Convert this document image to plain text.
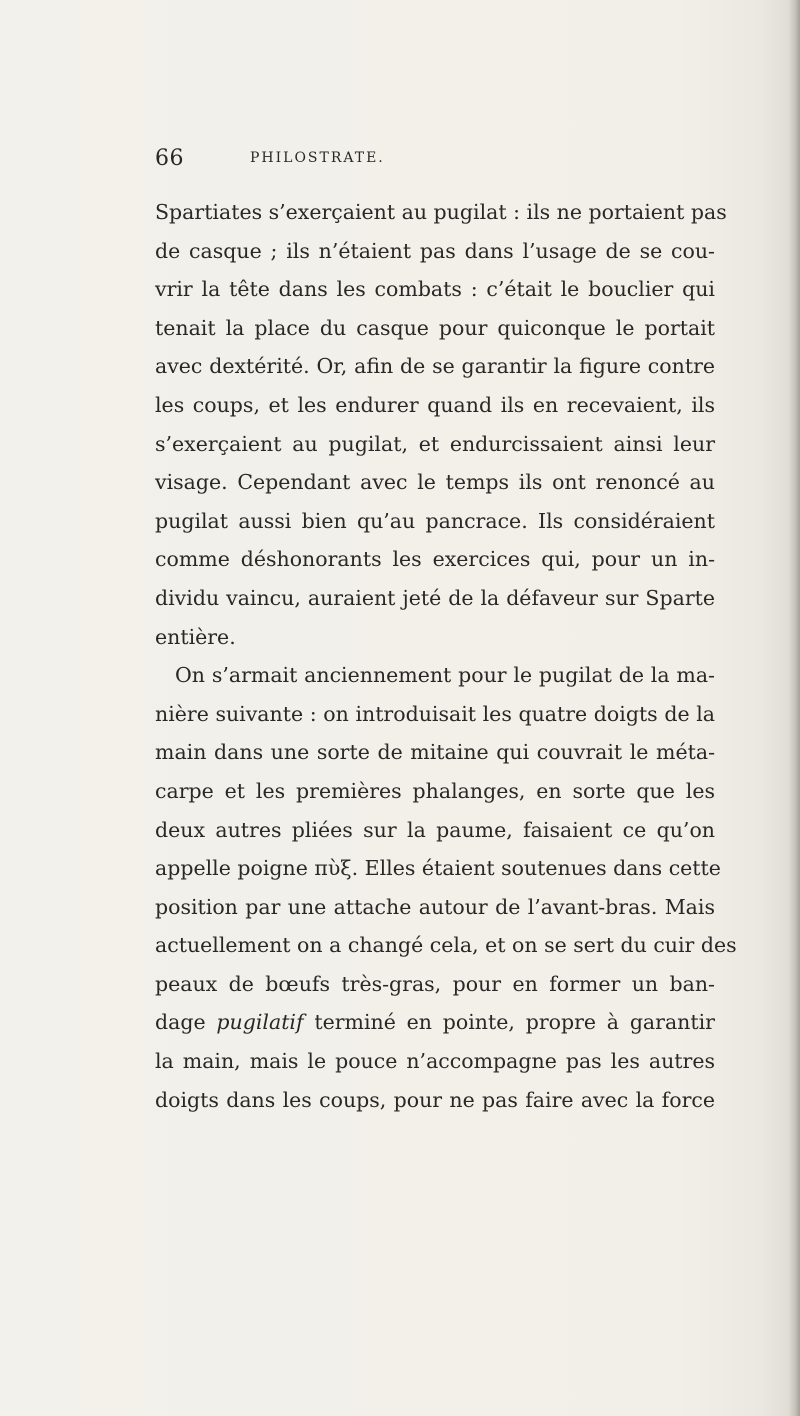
66	PHILOSTRATE.
Spartiates s’exerçaient au pugilat : ils ne portaient pas
de casque ; ils n’étaient pas dans l’usage de se cou-
vrir la tête dans les combats : c’était le bouclier qui
tenait la place du casque pour quiconque le portait
avec dextérité. Or, afin de se garantir la figure contre
les coups, et les endurer quand ils en recevaient, ils
s’exerçaient au pugilat, et endurcissaient ainsi leur
visage. Cependant avec le temps ils ont renoncé au
pugilat aussi bien qu’au pancrace. Ils considéraient
comme déshonorants les exercices qui, pour un in-
dividu vaincu, auraient jeté de la défaveur sur Sparte
entière.
On s’armait anciennement pour le pugilat de la ma-
nière suivante : on introduisait les quatre doigts de la
main dans une sorte de mitaine qui couvrait le méta-
carpe et les premières phalanges, en sorte que les
deux autres pliées sur la paume, faisaient ce qu’on
appelle poigne πὺξ. Elles étaient soutenues dans cette
position par une attache autour de l’avant-bras. Mais
actuellement on a changé cela, et on se sert du cuir des
peaux de bœufs très-gras, pour en former un ban-
dage pugilatif terminé en pointe, propre à garantir
la main, mais le pouce n’accompagne pas les autres
doigts dans les coups, pour ne pas faire avec la force
